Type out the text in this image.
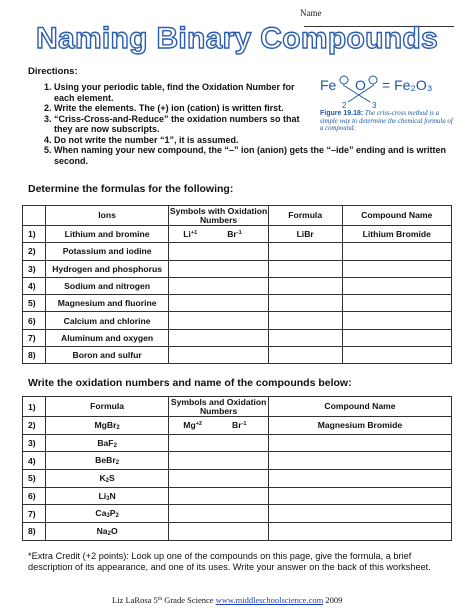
Name
Naming Binary Compounds
Directions:
1. Using your periodic table, find the Oxidation Number for each element.
2. Write the elements. The (+) ion (cation) is written first.
3. “Criss-Cross-and-Reduce” the oxidation numbers so that they are now subscripts.
4. Do not write the number “1”, it is assumed.
5. When naming your new compound, the “–” ion (anion) gets the “–ide” ending and is written second.
Fe O
2	3
= Fe₂O₃
Figure 19.18: The criss-cross method is a simple way to determine the chemical formula of a compound.
Determine the formulas for the following:
	Ions	Symbols with Oxidation Numbers	Formula	Compound Name
1)	Lithium and bromine	$Li^{+1}$ $Br^{-1}$	LiBr	Lithium Bromide
2)	Potassium and iodine			
3)	Hydrogen and phosphorus			
4)	Sodium and nitrogen			
5)	Magnesium and fluorine			
6)	Calcium and chlorine			
7)	Aluminum and oxygen			
8)	Boron and sulfur			
Write the oxidation numbers and name of the compounds below:
1)	Formula	Symbols and Oxidation Numbers	Compound Name
2)	MgBr$_2$	$Mg^{+2}$ $Br^{-1}$	Magnesium Bromide
3)	BaF$_2$		
4)	BeBr$_2$		
5)	$K_2S$		
6)	$Li_3N$		
7)	$Ca_3P_2$		
8)	$Na_2O$		
*Extra Credit (+2 points): Look up one of the compounds on this page, give the formula, a brief description of its appearance, and one of its uses. Write your answer on the back of this worksheet.
Liz LaRosa 5th Grade Science www.middleschoolscience.com 2009
